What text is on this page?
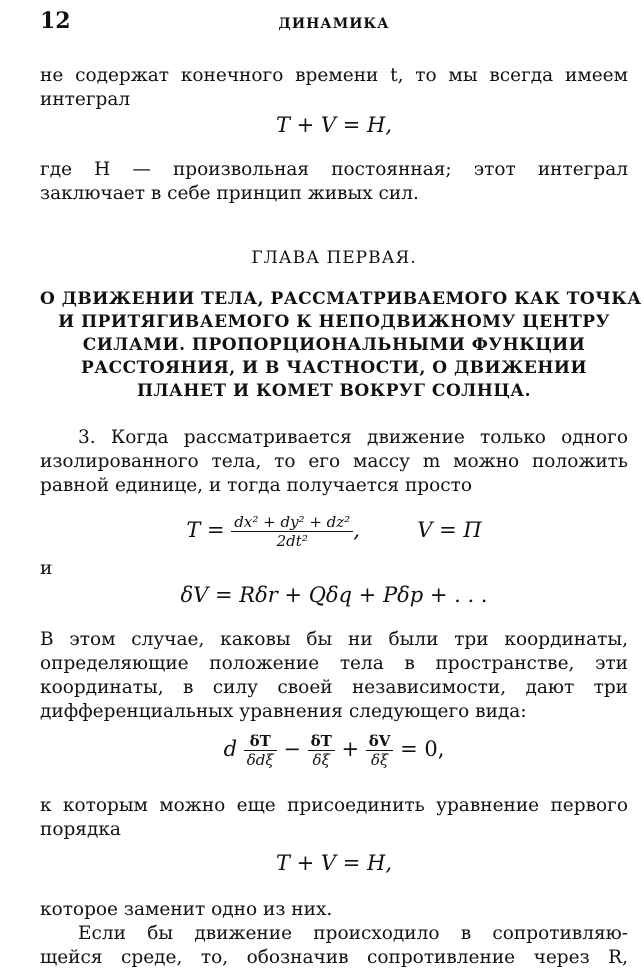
12	ДИНАМИКА
не содержат конечного времени t, то мы всегда имеем
интеграл
T + V = H,
где H — произвольная постоянная; этот интеграл
заключает в себе принцип живых сил.
ГЛАВА ПЕРВАЯ.
О ДВИЖЕНИИ ТЕЛА, РАССМАТРИВАЕМОГО КАК ТОЧКА
И ПРИТЯГИВАЕМОГО К НЕПОДВИЖНОМУ ЦЕНТРУ
СИЛАМИ. ПРОПОРЦИОНАЛЬНЫМИ ФУНКЦИИ
РАССТОЯНИЯ, И В ЧАСТНОСТИ, О ДВИЖЕНИИ
ПЛАНЕТ И КОМЕТ ВОКРУГ СОЛНЦА.
3. Когда рассматривается движение только одного
изолированного тела, то его массу m можно положить
равной единице, и тогда получается просто
$T = \frac{\text{dx² + dy² + dz²}}{\text{2dt²}}$ ,	V = Π
и
δV = Rδr + Qδq + Pδp + . . .
В этом случае, каковы бы ни были три координаты,
определяющие положение тела в пространстве, эти
координаты, в силу своей независимости, дают три
дифференциальных уравнения следующего вида:
d $\frac{\delta T}{\text{δdξ}} - \frac{\delta T}{\delta\xi} + \frac{\delta V}{\delta\xi} = 0$,
к которым можно еще присоединить уравнение первого
порядка
T + V = H,
которое заменит одно из них.
Если бы движение происходило в сопротивляю-
щейся среде, то, обозначив сопротивление через R,
